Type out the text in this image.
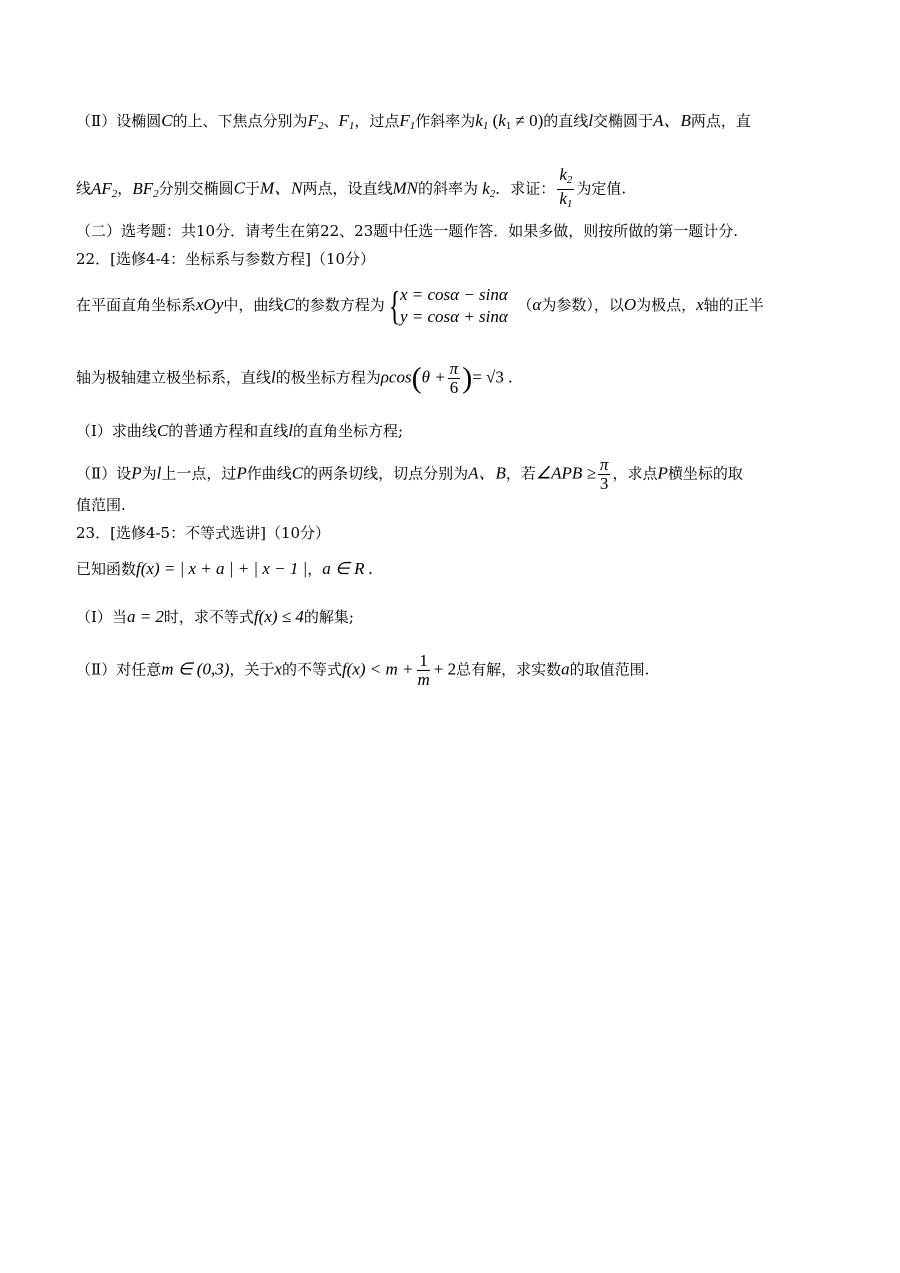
（Ⅱ）设椭圆C的上、下焦点分别为$F_2$、$F_1$，过点$F_1$作斜率为$k_1$ $(k_1 \ne 0)$的直线l交椭圆于A、B两点，直
线$AF_2$，$BF_2$分别交椭圆C于M、N两点，设直线MN的斜率为 $k_2$．求证： $\frac{k_2}{k_1}$ 为定值.
（二）选考题：共10分．请考生在第22、23题中任选一题作答．如果多做，则按所做的第一题计分.
22．[选修4-4：坐标系与参数方程]（10分）
在平面直角坐标系xOy中，曲线C的参数方程为{ x = cosα − sinα
y = cosα + sinα
（α为参数），以O为极点，x轴的正半
轴为极轴建立极坐标系，直线l的极坐标方程为$\rho\cos(\theta + \frac{\pi}{6}$ )= √3 .
（Ⅰ）求曲线C的普通方程和直线l的直角坐标方程;
（Ⅱ）设P为l上一点，过P作曲线C的两条切线，切点分别为A、B，若∠APB ≥ $\frac{\pi}{3}$ ，求点P横坐标的取
值范围.
23．[选修4-5：不等式选讲]（10分）
已知函数f(x) = | x + a | + | x − 1 |，a ∈ R .
（Ⅰ）当a = 2时，求不等式f(x) ≤ 4的解集;
（Ⅱ）对任意m ∈ (0,3)，关于x的不等式$f(x) < m + \frac{1}{m} + 2$总有解，求实数a的取值范围.
